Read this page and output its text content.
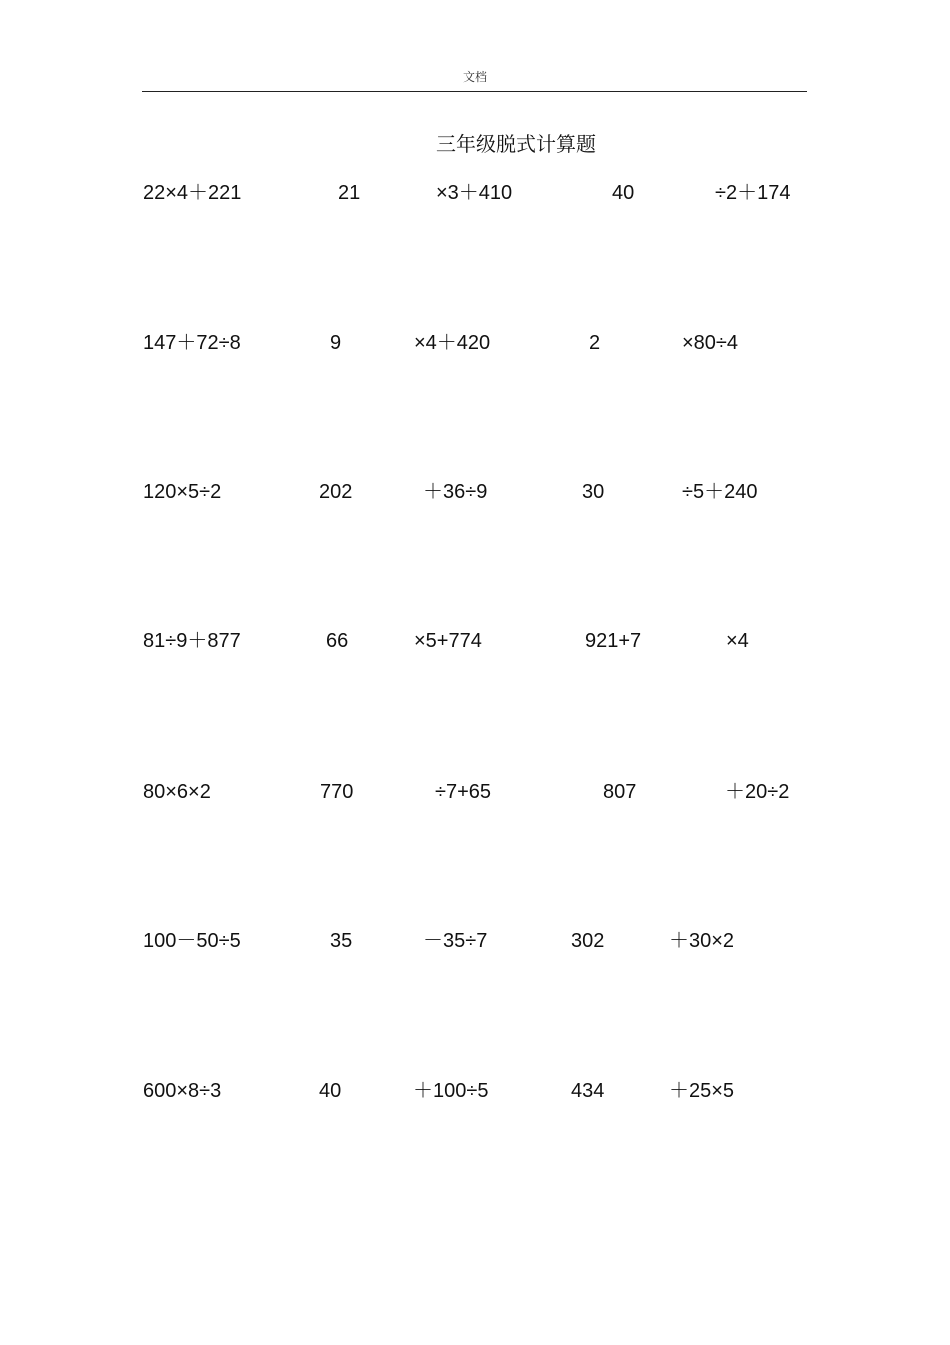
文档
三年级脱式计算题
22×4＋221	21	×3＋410	40	÷2＋174
147＋72÷8	9	×4＋420	2	×80÷4
120×5÷2	202	＋36÷9	30	÷5＋240
81÷9＋877	66	×5+774	921+7	×4
80×6×2	770	÷7+65	807	＋20÷2
100－50÷5	35	－35÷7	302	＋30×2
600×8÷3	40	＋100÷5	434	＋25×5
